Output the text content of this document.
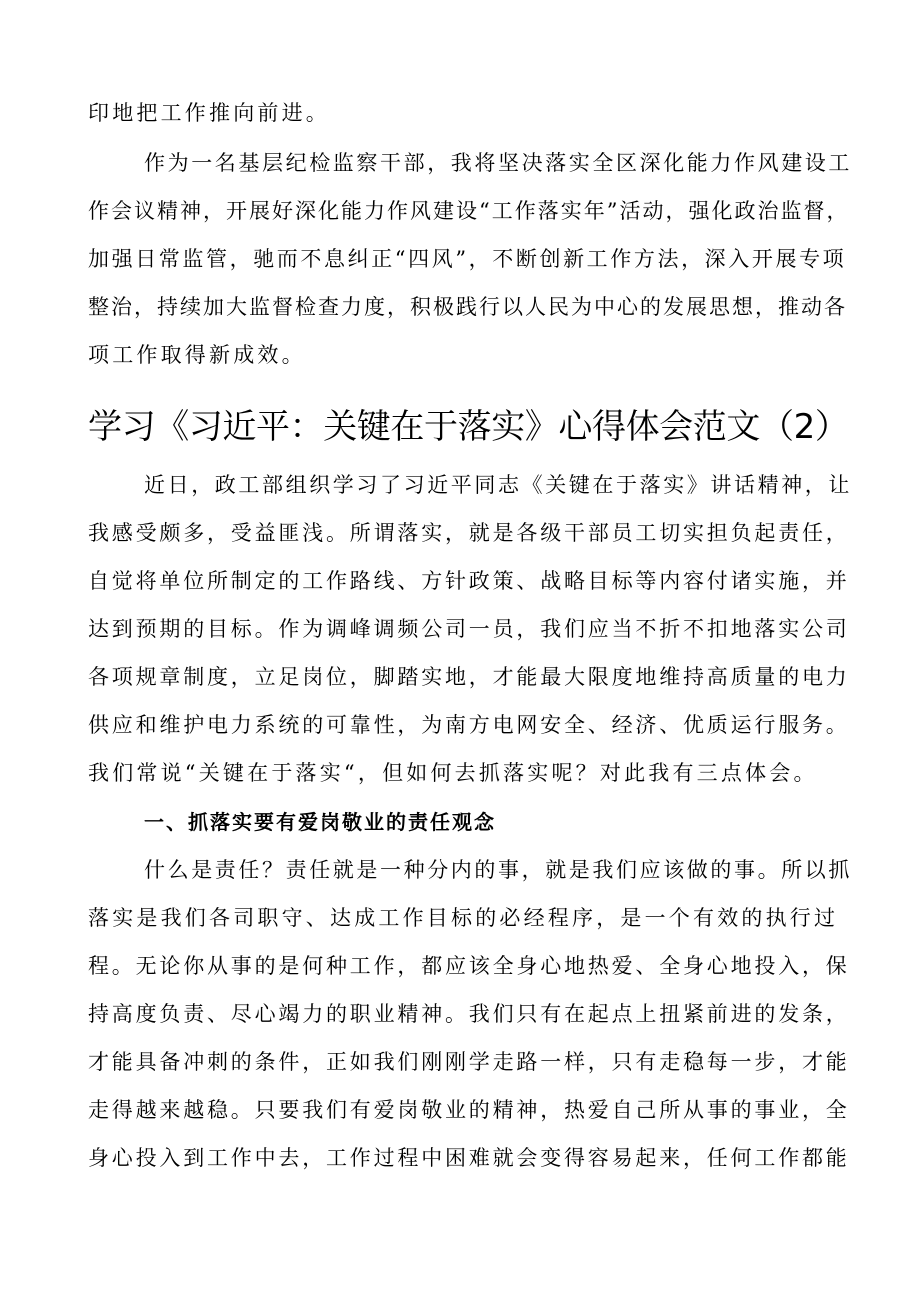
印地把工作推向前进。
作为一名基层纪检监察干部，我将坚决落实全区深化能力作风建设工
作会议精神，开展好深化能力作风建设“工作落实年”活动，强化政治监督，
加强日常监管，驰而不息纠正“四风”，不断创新工作方法，深入开展专项
整治，持续加大监督检查力度，积极践行以人民为中心的发展思想，推动各
项工作取得新成效。
学习《习近平：关键在于落实》心得体会范文（2）
近日，政工部组织学习了习近平同志《关键在于落实》讲话精神，让
我感受颇多，受益匪浅。所谓落实，就是各级干部员工切实担负起责任，
自觉将单位所制定的工作路线、方针政策、战略目标等内容付诸实施，并
达到预期的目标。作为调峰调频公司一员，我们应当不折不扣地落实公司
各项规章制度，立足岗位，脚踏实地，才能最大限度地维持高质量的电力
供应和维护电力系统的可靠性，为南方电网安全、经济、优质运行服务。
我们常说“关键在于落实“，但如何去抓落实呢？对此我有三点体会。
一、抓落实要有爱岗敬业的责任观念
什么是责任？责任就是一种分内的事，就是我们应该做的事。所以抓
落实是我们各司职守、达成工作目标的必经程序，是一个有效的执行过
程。无论你从事的是何种工作，都应该全身心地热爱、全身心地投入，保
持高度负责、尽心竭力的职业精神。我们只有在起点上扭紧前进的发条，
才能具备冲刺的条件，正如我们刚刚学走路一样，只有走稳每一步，才能
走得越来越稳。只要我们有爱岗敬业的精神，热爱自己所从事的事业，全
身心投入到工作中去，工作过程中困难就会变得容易起来，任何工作都能
